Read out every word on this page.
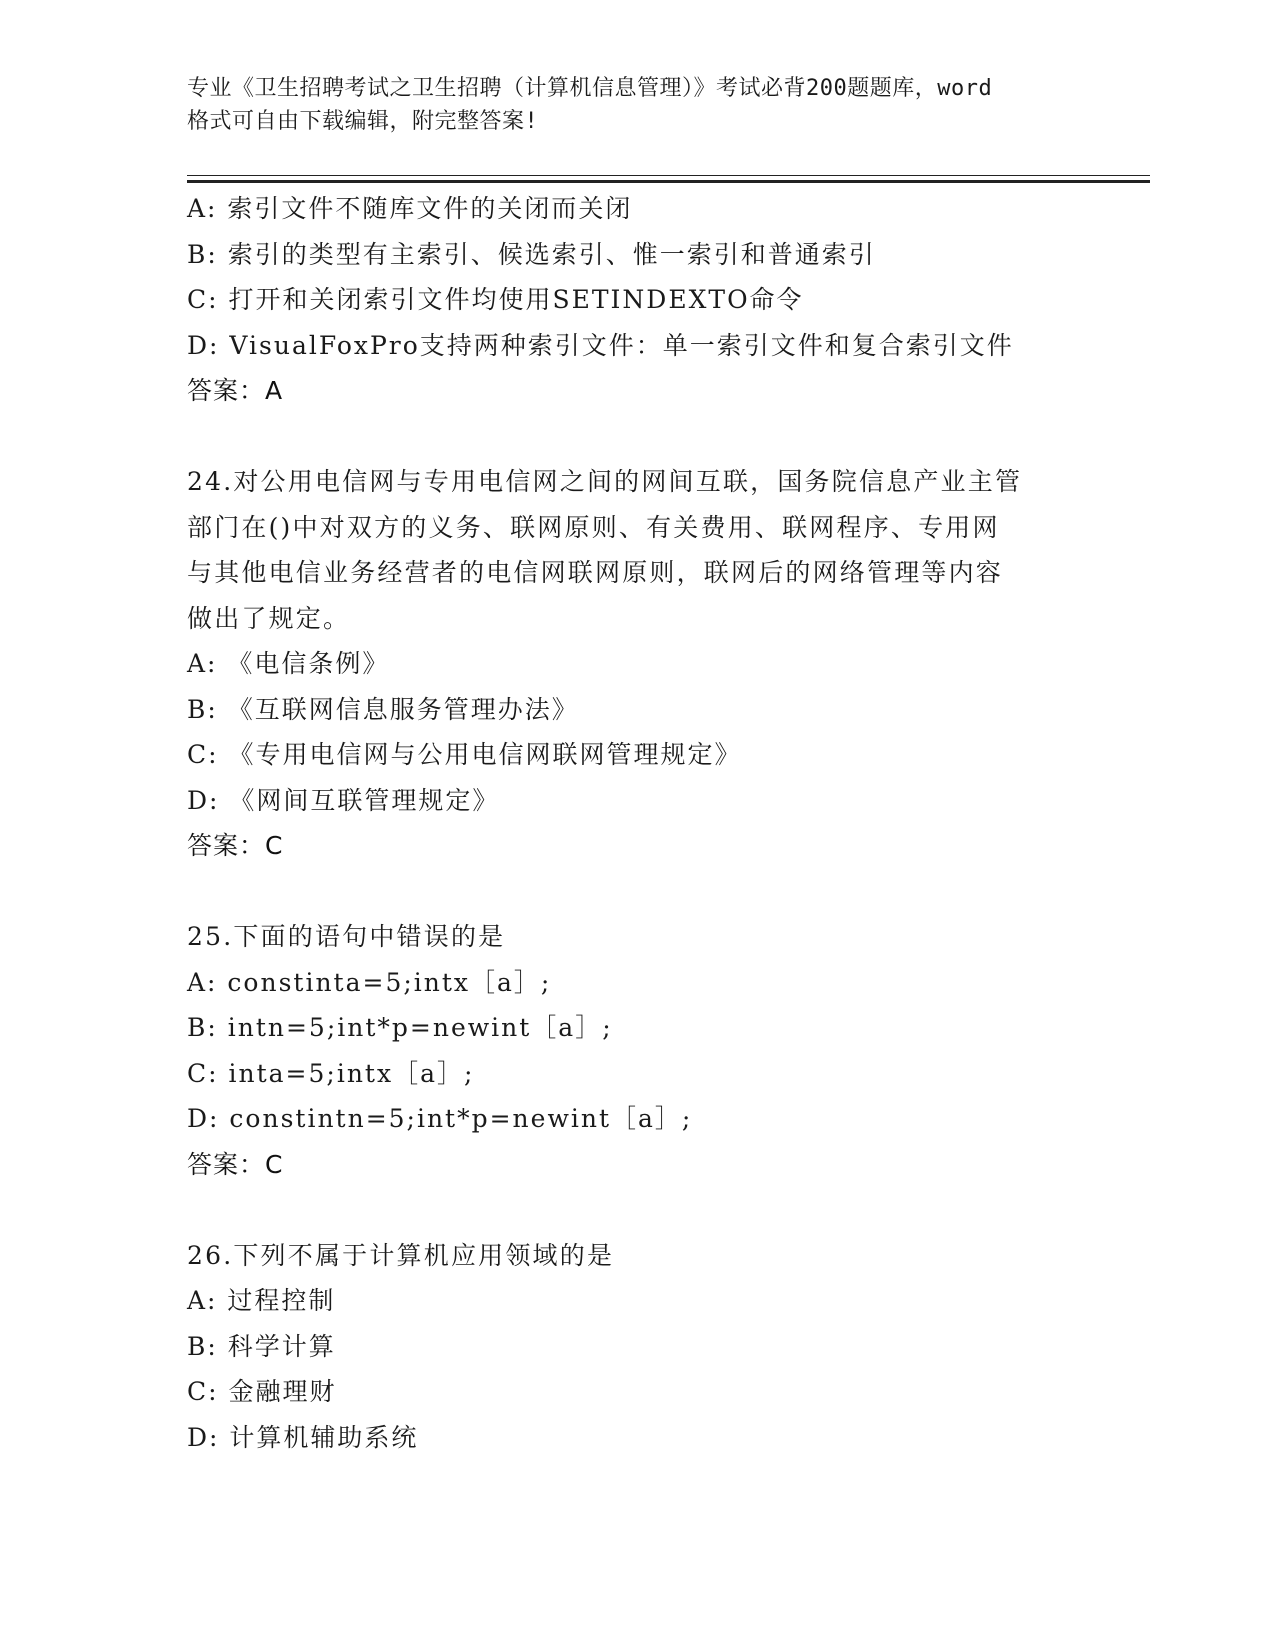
专业《卫生招聘考试之卫生招聘（计算机信息管理）》考试必背200题题库，word
格式可自由下载编辑，附完整答案!
A: 索引文件不随库文件的关闭而关闭
B: 索引的类型有主索引、候选索引、惟一索引和普通索引
C: 打开和关闭索引文件均使用SETINDEXTO命令
D: VisualFoxPro支持两种索引文件：单一索引文件和复合索引文件
答案：A
24.对公用电信网与专用电信网之间的网间互联，国务院信息产业主管
部门在()中对双方的义务、联网原则、有关费用、联网程序、专用网
与其他电信业务经营者的电信网联网原则，联网后的网络管理等内容
做出了规定。
A: 《电信条例》
B: 《互联网信息服务管理办法》
C: 《专用电信网与公用电信网联网管理规定》
D: 《网间互联管理规定》
答案：C
25.下面的语句中错误的是
A: constinta=5;intx［a］;
B: intn=5;int*p=newint［a］;
C: inta=5;intx［a］;
D: constintn=5;int*p=newint［a］;
答案：C
26.下列不属于计算机应用领域的是
A: 过程控制
B: 科学计算
C: 金融理财
D: 计算机辅助系统
